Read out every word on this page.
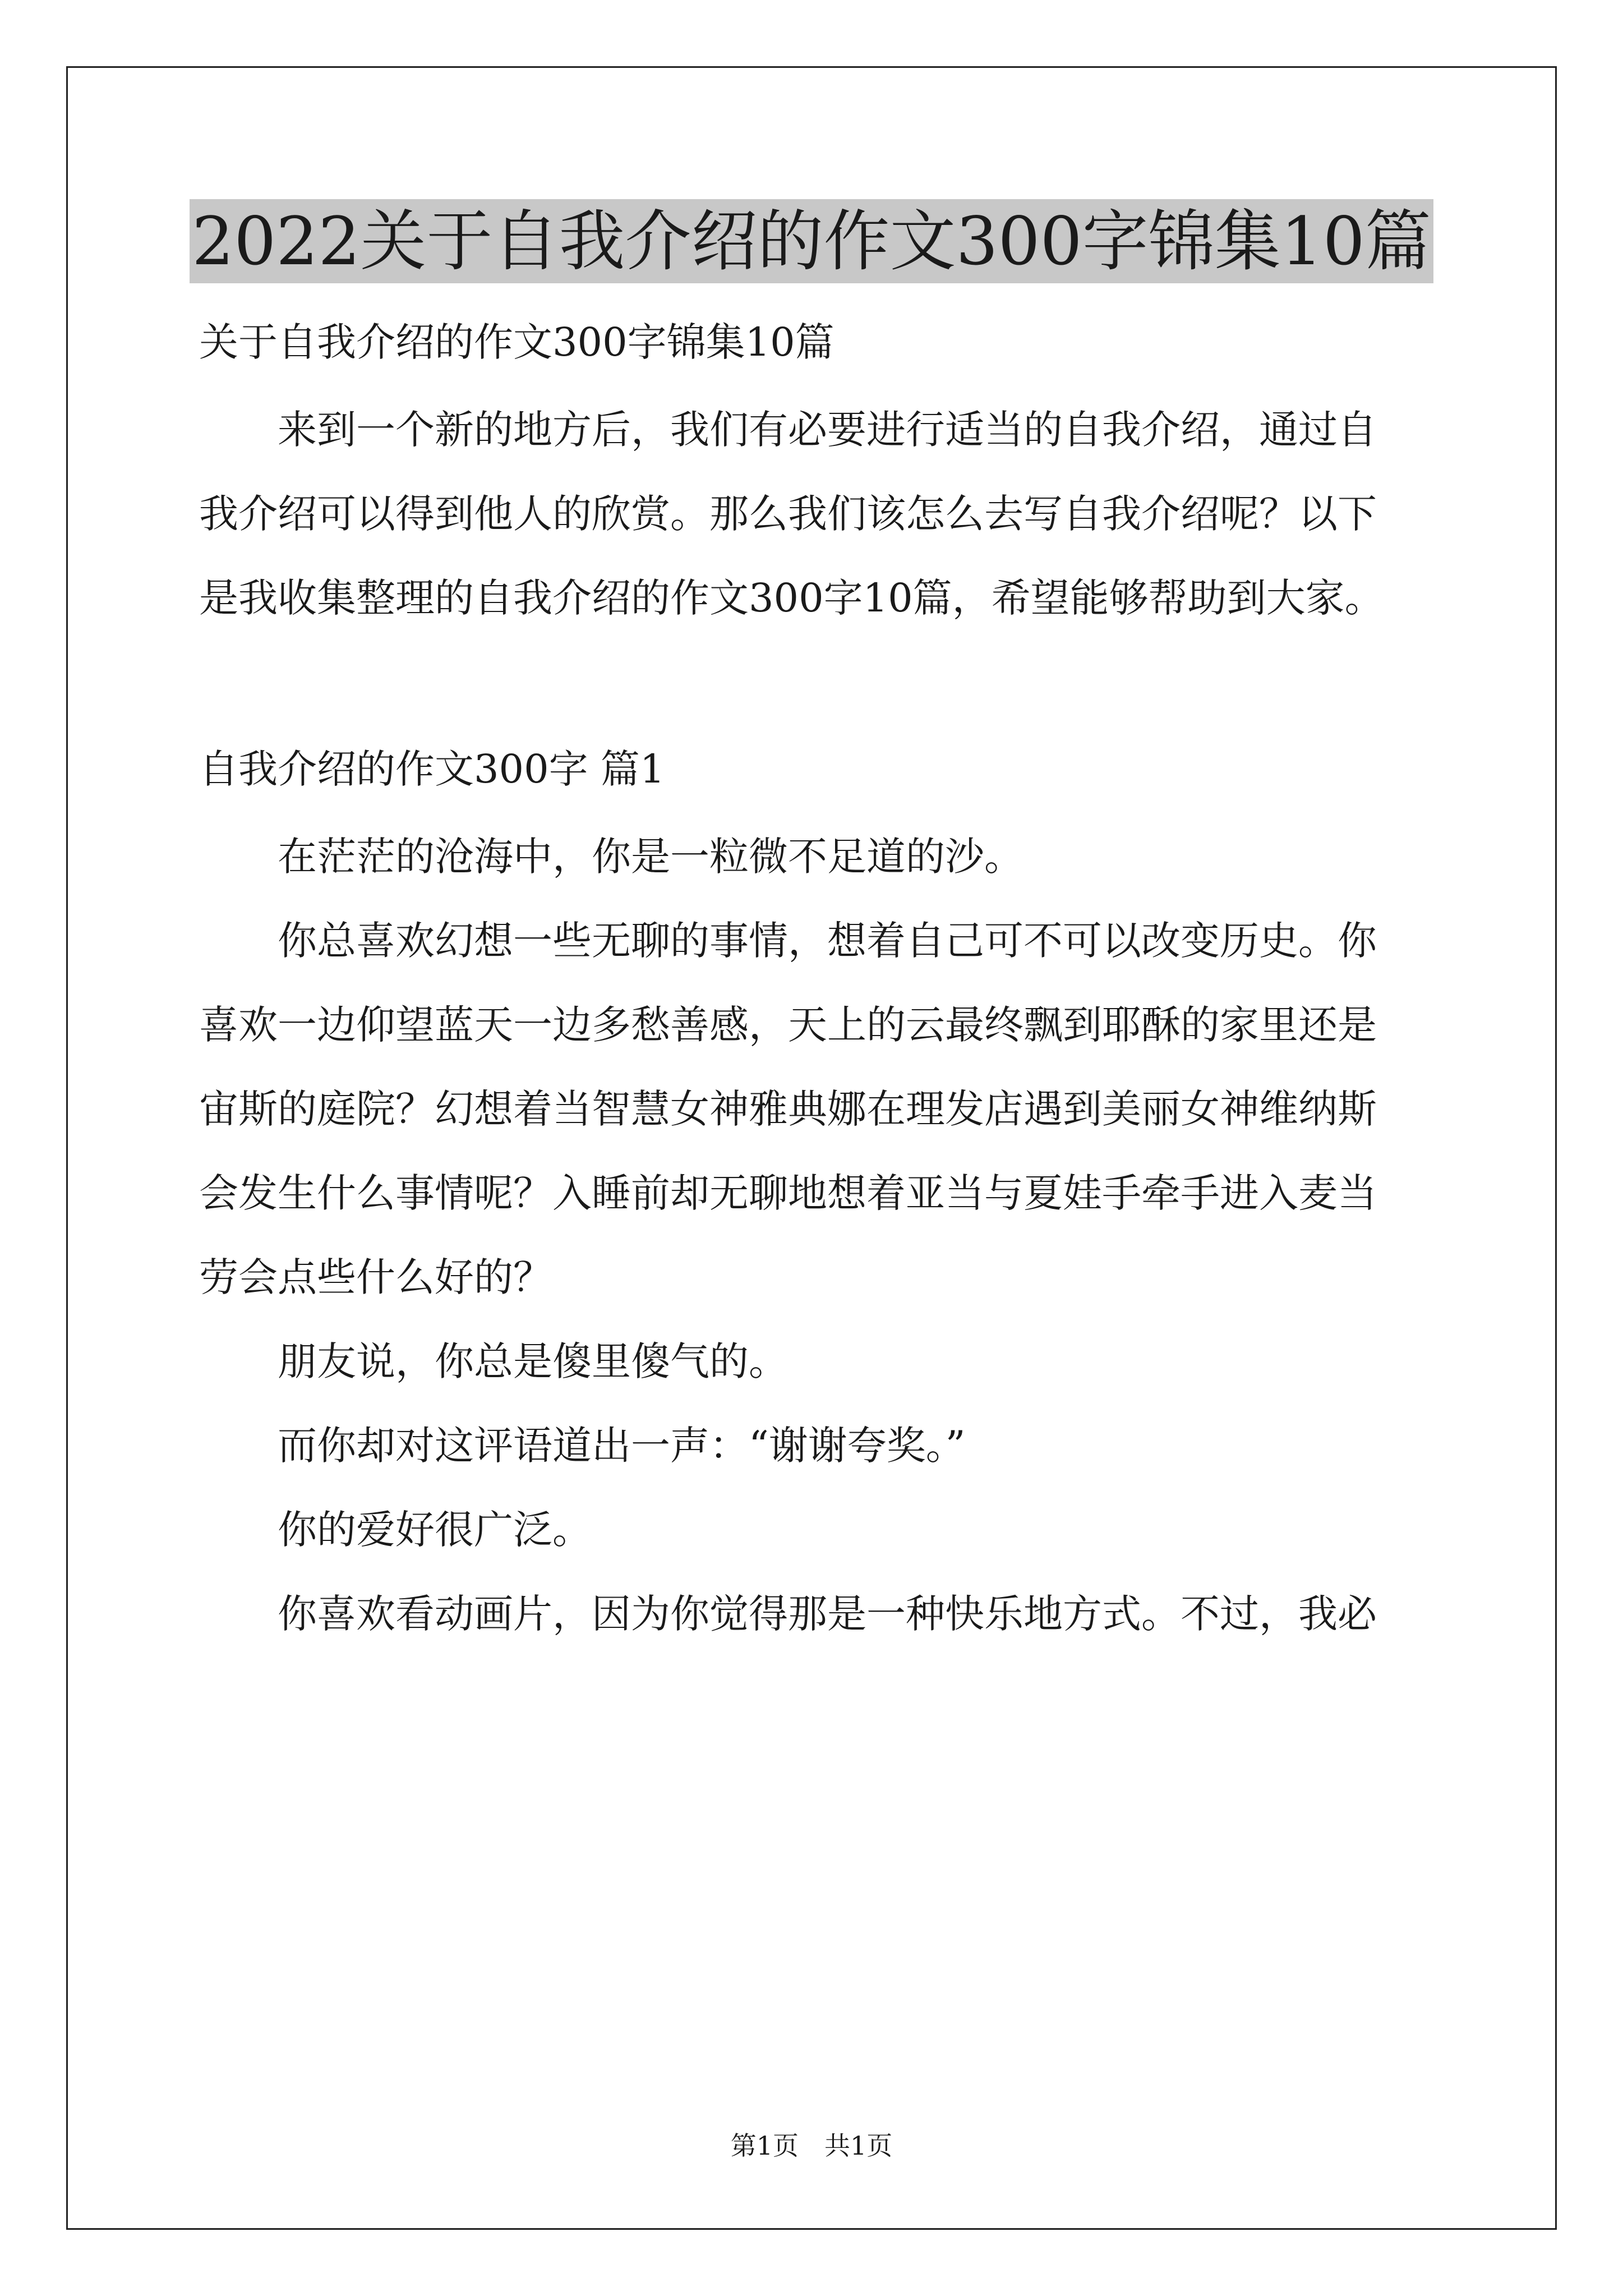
2022关于自我介绍的作文300字锦集10篇

关于自我介绍的作文300字锦集10篇

　　来到一个新的地方后，我们有必要进行适当的自我介绍，通过自

我介绍可以得到他人的欣赏。那么我们该怎么去写自我介绍呢？以下

是我收集整理的自我介绍的作文300字10篇，希望能够帮助到大家。

自我介绍的作文300字 篇1

　　在茫茫的沧海中，你是一粒微不足道的沙。

　　你总喜欢幻想一些无聊的事情，想着自己可不可以改变历史。你

喜欢一边仰望蓝天一边多愁善感，天上的云最终飘到耶酥的家里还是

宙斯的庭院？幻想着当智慧女神雅典娜在理发店遇到美丽女神维纳斯

会发生什么事情呢？入睡前却无聊地想着亚当与夏娃手牵手进入麦当

劳会点些什么好的？

　　朋友说，你总是傻里傻气的。

　　而你却对这评语道出一声：“谢谢夸奖。”

　　你的爱好很广泛。

　　你喜欢看动画片，因为你觉得那是一种快乐地方式。不过，我必

第1页　共1页
